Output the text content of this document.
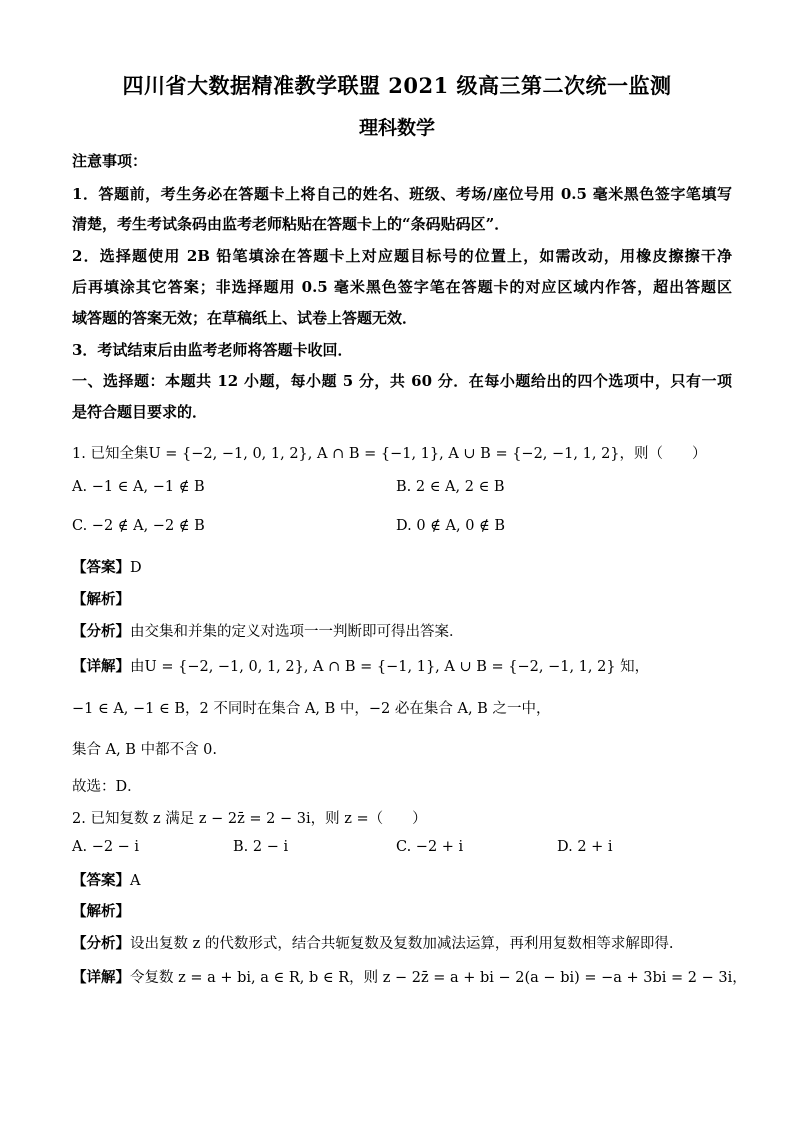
四川省大数据精准教学联盟 2021 级高三第二次统一监测
理科数学
注意事项：
1．答题前，考生务必在答题卡上将自己的姓名、班级、考场/座位号用 0.5 毫米黑色签字笔填写
清楚，考生考试条码由监考老师粘贴在答题卡上的“条码贴码区”．
2．选择题使用 2B 铅笔填涂在答题卡上对应题目标号的位置上，如需改动，用橡皮擦擦干净
后再填涂其它答案；非选择题用 0.5 毫米黑色签字笔在答题卡的对应区域内作答，超出答题区
域答题的答案无效；在草稿纸上、试卷上答题无效．
3．考试结束后由监考老师将答题卡收回．
一、选择题：本题共 12 小题，每小题 5 分，共 60 分．在每小题给出的四个选项中，只有一项
是符合题目要求的．
1. 已知全集U = {−2, −1, 0, 1, 2}, A ∩ B = {−1, 1}, A ∪ B = {−2, −1, 1, 2}，则（　　）
A. −1 ∈ A, −1 ∉ B	B. 2 ∈ A, 2 ∈ B
C. −2 ∉ A, −2 ∉ B	D. 0 ∉ A, 0 ∉ B
【答案】D
【解析】
【分析】由交集和并集的定义对选项一一判断即可得出答案．
【详解】由U = {−2, −1, 0, 1, 2}, A ∩ B = {−1, 1}, A ∪ B = {−2, −1, 1, 2} 知，
−1 ∈ A, −1 ∈ B，2 不同时在集合 A, B 中，−2 必在集合 A, B 之一中，
集合 A, B 中都不含 0.
故选：D．
2. 已知复数 z 满足 z − 2z̄ = 2 − 3i，则 z =（　　）
A. −2 − i	B. 2 − i	C. −2 + i	D. 2 + i
【答案】A
【解析】
【分析】设出复数 z 的代数形式，结合共轭复数及复数加减法运算，再利用复数相等求解即得.
【详解】令复数 z = a + bi, a ∈ R, b ∈ R，则 z − 2z̄ = a + bi − 2(a − bi) = −a + 3bi = 2 − 3i，
